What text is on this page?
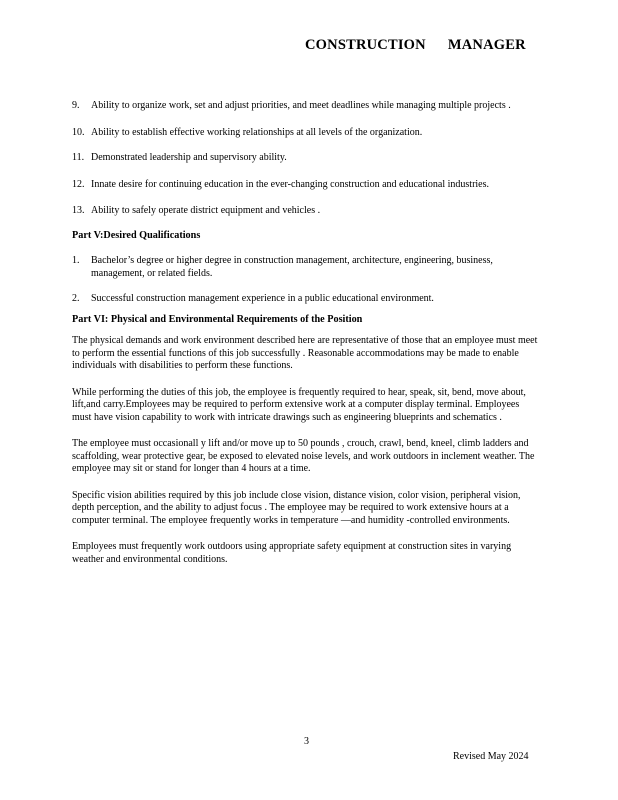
CONSTRUCTION MANAGER
9. Ability to organize work, set and adjust priorities, and meet deadlines while managing multiple projects .
10. Ability to establish effective working relationships at all levels of the organization.
11. Demonstrated leadership and supervisory ability.
12. Innate desire for continuing education in the ever-changing construction and educational industries.
13. Ability to safely operate district equipment and vehicles .

Part V:Desired Qualifications

1. Bachelor’s degree or higher degree in construction management, architecture, engineering, business, management, or related fields.
2. Successful construction management experience in a public educational environment.

Part VI: Physical and Environmental Requirements of the Position

The physical demands and work environment described here are representative of those that an employee must meet to perform the essential functions of this job successfully . Reasonable accommodations may be made to enable individuals with disabilities to perform these functions.

While performing the duties of this job, the employee is frequently required to hear, speak, sit, bend, move about, lift,and carry.Employees may be required to perform extensive work at a computer display terminal. Employees must have vision capability to work with intricate drawings such as engineering blueprints and schematics .

The employee must occasionall y lift and/or move up to 50 pounds , crouch, crawl, bend, kneel, climb ladders and scaffolding, wear protective gear, be exposed to elevated noise levels, and work outdoors in inclement weather. The employee may sit or stand for longer than 4 hours at a time.

Specific vision abilities required by this job include close vision, distance vision, color vision, peripheral vision, depth perception, and the ability to adjust focus . The employee may be required to work extensive hours at a computer terminal. The employee frequently works in temperature —and humidity -controlled environments.

Employees must frequently work outdoors using appropriate safety equipment at construction sites in varying weather and environmental conditions.

3
Revised May 2024
